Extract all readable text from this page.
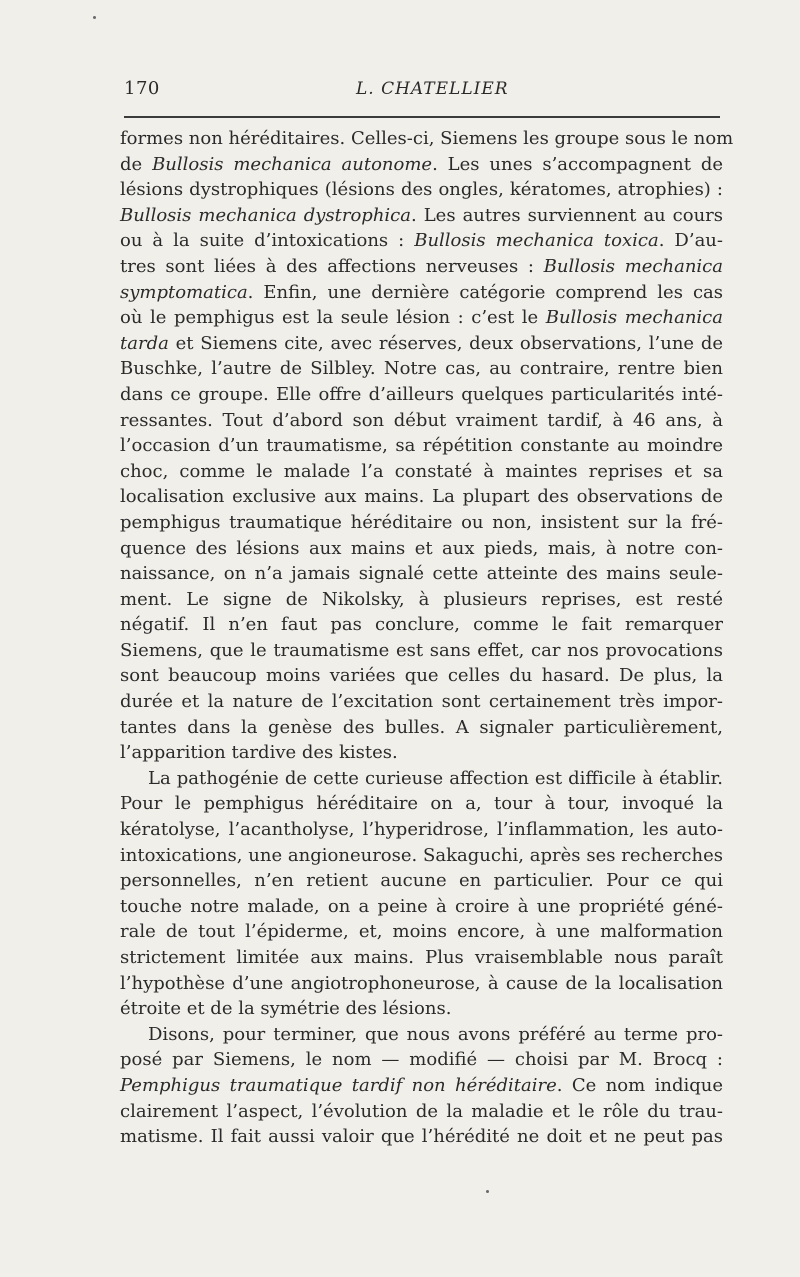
170	L. CHATELLIER
formes non héréditaires. Celles-ci, Siemens les groupe sous le nom
de Bullosis mechanica autonome. Les unes s’accompagnent de
lésions dystrophiques (lésions des ongles, kératomes, atrophies) :
Bullosis mechanica dystrophica. Les autres surviennent au cours
ou à la suite d’intoxications : Bullosis mechanica toxica. D’au-
tres sont liées à des affections nerveuses : Bullosis mechanica
symptomatica. Enfin, une dernière catégorie comprend les cas
où le pemphigus est la seule lésion : c’est le Bullosis mechanica
tarda et Siemens cite, avec réserves, deux observations, l’une de
Buschke, l’autre de Silbley. Notre cas, au contraire, rentre bien
dans ce groupe. Elle offre d’ailleurs quelques particularités inté-
ressantes. Tout d’abord son début vraiment tardif, à 46 ans, à
l’occasion d’un traumatisme, sa répétition constante au moindre
choc, comme le malade l’a constaté à maintes reprises et sa
localisation exclusive aux mains. La plupart des observations de
pemphigus traumatique héréditaire ou non, insistent sur la fré-
quence des lésions aux mains et aux pieds, mais, à notre con-
naissance, on n’a jamais signalé cette atteinte des mains seule-
ment. Le signe de Nikolsky, à plusieurs reprises, est resté
négatif. Il n’en faut pas conclure, comme le fait remarquer
Siemens, que le traumatisme est sans effet, car nos provocations
sont beaucoup moins variées que celles du hasard. De plus, la
durée et la nature de l’excitation sont certainement très impor-
tantes dans la genèse des bulles. A signaler particulièrement,
l’apparition tardive des kistes.
La pathogénie de cette curieuse affection est difficile à établir.
Pour le pemphigus héréditaire on a, tour à tour, invoqué la
kératolyse, l’acantholyse, l’hyperidrose, l’inflammation, les auto-
intoxications, une angioneurose. Sakaguchi, après ses recherches
personnelles, n’en retient aucune en particulier. Pour ce qui
touche notre malade, on a peine à croire à une propriété géné-
rale de tout l’épiderme, et, moins encore, à une malformation
strictement limitée aux mains. Plus vraisemblable nous paraît
l’hypothèse d’une angiotrophoneurose, à cause de la localisation
étroite et de la symétrie des lésions.
Disons, pour terminer, que nous avons préféré au terme pro-
posé par Siemens, le nom — modifié — choisi par M. Brocq :
Pemphigus traumatique tardif non héréditaire. Ce nom indique
clairement l’aspect, l’évolution de la maladie et le rôle du trau-
matisme. Il fait aussi valoir que l’hérédité ne doit et ne peut pas
